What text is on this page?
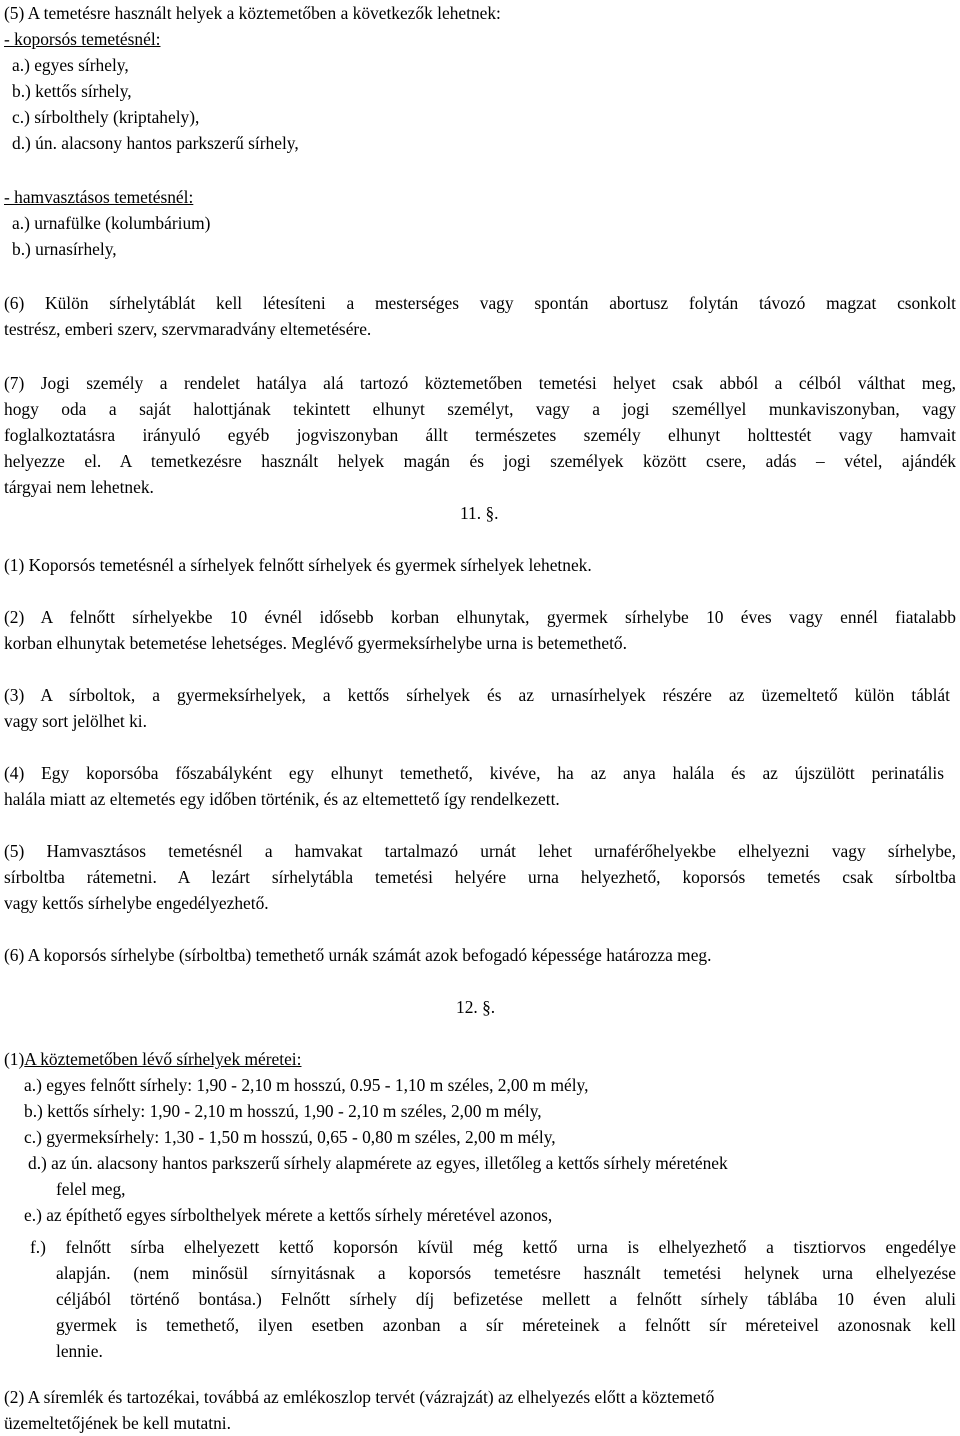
(5) A temetésre használt helyek a köztemetőben a következők lehetnek:
- koporsós temetésnél:
a.) egyes sírhely,
b.) kettős sírhely,
c.) sírbolthely (kriptahely),
d.) ún. alacsony hantos parkszerű sírhely,
- hamvasztásos temetésnél:
a.) urnafülke (kolumbárium)
b.) urnasírhely,
(6) Külön sírhelytáblát kell létesíteni a mesterséges vagy spontán abortusz folytán távozó magzat csonkolt
testrész, emberi szerv, szervmaradvány eltemetésére.
(7) Jogi személy a rendelet hatálya alá tartozó köztemetőben temetési helyet csak abból a célból válthat meg,
hogy oda a saját halottjának tekintett elhunyt személyt, vagy a jogi személlyel munkaviszonyban, vagy
foglalkoztatásra irányuló egyéb jogviszonyban állt természetes személy elhunyt holttestét vagy hamvait
helyezze el. A temetkezésre használt helyek magán és jogi személyek között csere, adás – vétel, ajándék
tárgyai nem lehetnek.
11. §.
(1) Koporsós temetésnél a sírhelyek felnőtt sírhelyek és gyermek sírhelyek lehetnek.
(2) A felnőtt sírhelyekbe 10 évnél idősebb korban elhunytak, gyermek sírhelybe 10 éves vagy ennél fiatalabb
korban elhunytak betemetése lehetséges. Meglévő gyermeksírhelybe urna is betemethető.
(3) A sírboltok, a gyermeksírhelyek, a kettős sírhelyek és az urnasírhelyek részére az üzemeltető külön táblát
vagy sort jelölhet ki.
(4) Egy koporsóba főszabályként egy elhunyt temethető, kivéve, ha az anya halála és az újszülött perinatális
halála miatt az eltemetés egy időben történik, és az eltemettető így rendelkezett.
(5) Hamvasztásos temetésnél a hamvakat tartalmazó urnát lehet urnaférőhelyekbe elhelyezni vagy sírhelybe,
sírboltba rátemetni. A lezárt sírhelytábla temetési helyére urna helyezhető, koporsós temetés csak sírboltba
vagy kettős sírhelybe engedélyezhető.
(6) A koporsós sírhelybe (sírboltba) temethető urnák számát azok befogadó képessége határozza meg.
12. §.
(1)A köztemetőben lévő sírhelyek méretei:
a.) egyes felnőtt sírhely: 1,90 - 2,10 m hosszú, 0.95 - 1,10 m széles, 2,00 m mély,
b.) kettős sírhely: 1,90 - 2,10 m hosszú, 1,90 - 2,10 m széles, 2,00 m mély,
c.) gyermeksírhely: 1,30 - 1,50 m hosszú, 0,65 - 0,80 m széles, 2,00 m mély,
d.) az ún. alacsony hantos parkszerű sírhely alapmérete az egyes, illetőleg a kettős sírhely méretének
felel meg,
e.) az építhető egyes sírbolthelyek mérete a kettős sírhely méretével azonos,
f.) felnőtt sírba elhelyezett kettő koporsón kívül még kettő urna is elhelyezhető a tisztiorvos engedélye
alapján. (nem minősül sírnyitásnak a koporsós temetésre használt temetési helynek urna elhelyezése
céljából történő bontása.) Felnőtt sírhely díj befizetése mellett a felnőtt sírhely táblába 10 éven aluli
gyermek is temethető, ilyen esetben azonban a sír méreteinek a felnőtt sír méreteivel azonosnak kell
lennie.
(2) A síremlék és tartozékai, továbbá az emlékoszlop tervét (vázrajzát) az elhelyezés előtt a köztemető
üzemeltetőjének be kell mutatni.
